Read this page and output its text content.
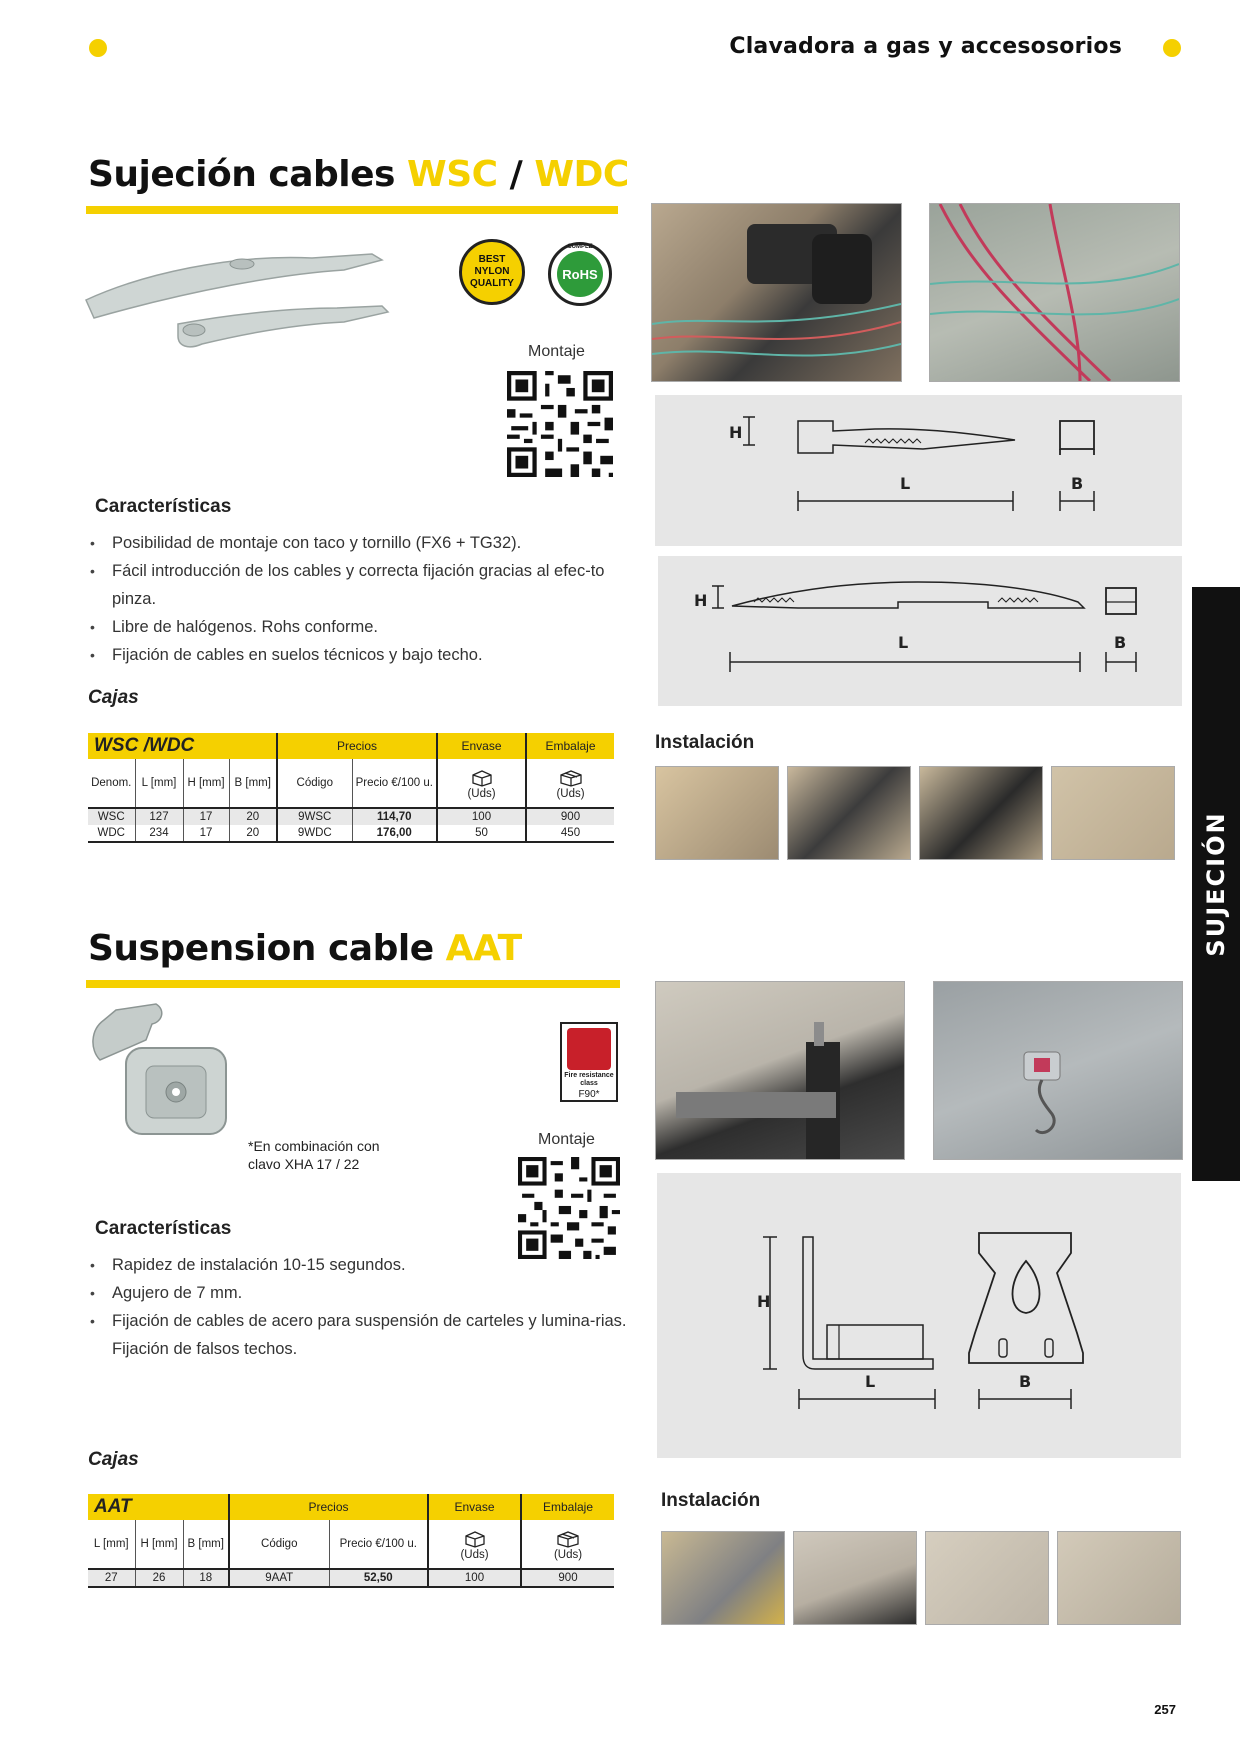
Clavadora a gas y accesosorios
SUJECIÓN
Sujeción cables WSC / WDC
BEST
NYLON
QUALITY
CUMPLE
RoHS
Montaje
Características
• Posibilidad de montaje con taco y tornillo (FX6 + TG32).
• Fácil introducción de los cables y correcta fijación gracias al efec-to pinza.
• Libre de halógenos. Rohs conforme.
• Fijación de cables en suelos técnicos y bajo techo.
Cajas
WSC /WDC				Precios		Envase	Embalaje
Denom.	L [mm]	H [mm]	B [mm]	Código	Precio €/100 u.	(Uds)	(Uds)
WSC	127	17	20	9WSC	114,70	100	900
WDC	234	17	20	9WDC	176,00	50	450
H
L	B
H
L	B
Instalación
Suspension cable AAT
Fire resistance
class
F90*
*En combinación con
clavo XHA 17 / 22
Montaje
Características
• Rapidez de instalación 10-15 segundos.
• Agujero de 7 mm.
• Fijación de cables de acero para suspensión de carteles y lumina-rias. Fijación de falsos techos.
Cajas
AAT			Precios		Envase	Embalaje
L [mm]	H [mm]	B [mm]	Código	Precio €/100 u.	(Uds)	(Uds)
27	26	18	9AAT	52,50	100	900
H
L	B
Instalación
257
